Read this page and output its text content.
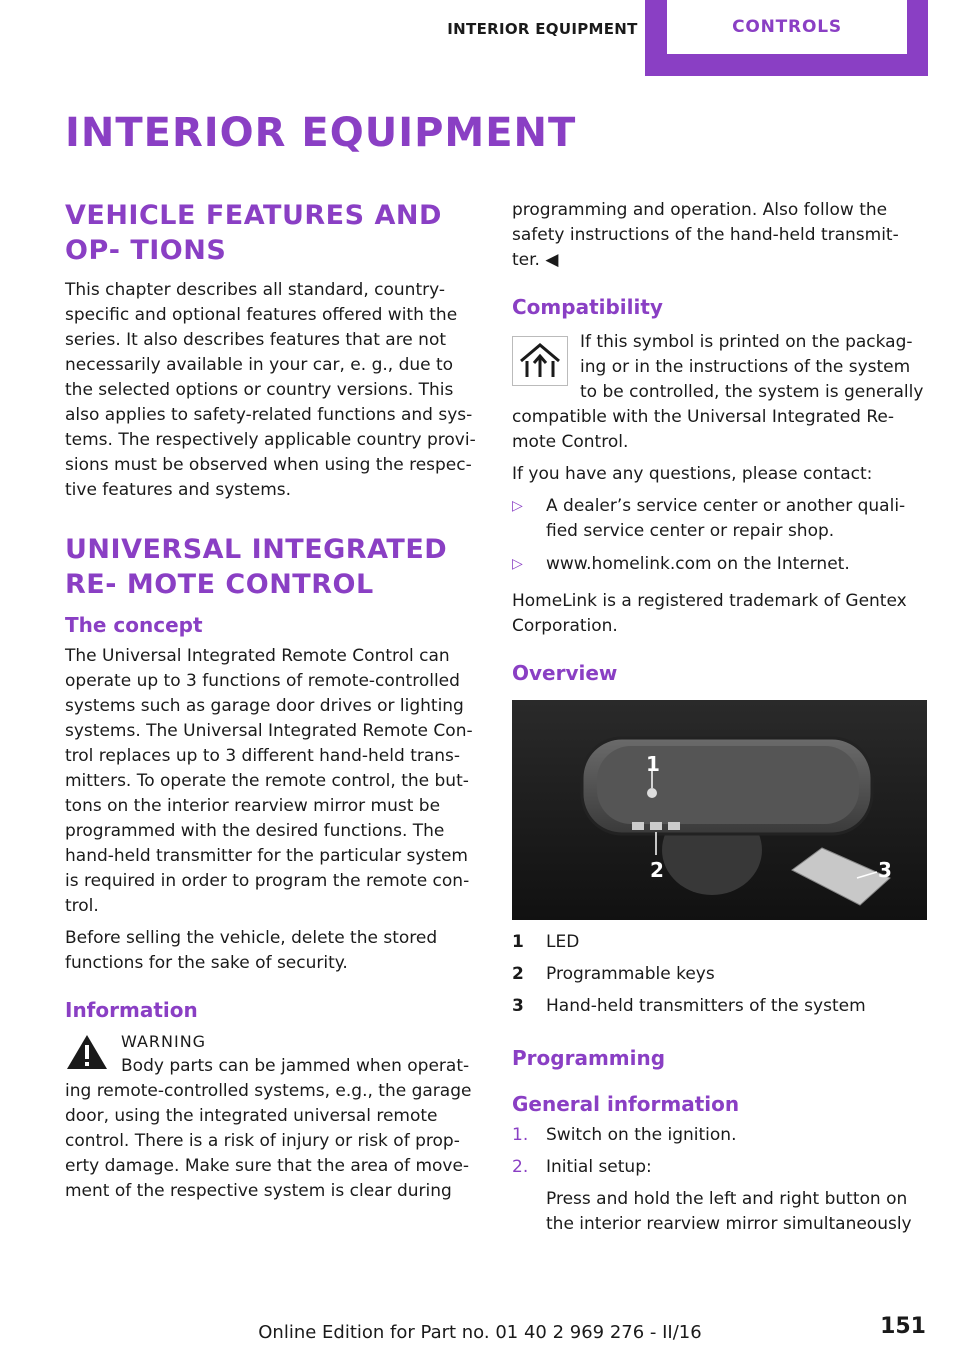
INTERIOR EQUIPMENT	CONTROLS
INTERIOR EQUIPMENT
VEHICLE FEATURES AND OP‐ TIONS

This chapter describes all standard, country-specific and optional features offered with the series. It also describes features that are not necessarily available in your car, e. g., due to the selected options or country versions. This also applies to safety-related functions and sys‐ tems. The respectively applicable country provi‐ sions must be observed when using the respec‐ tive features and systems.

UNIVERSAL INTEGRATED RE‐ MOTE CONTROL
The concept

The Universal Integrated Remote Control can operate up to 3 functions of remote-controlled systems such as garage door drives or lighting systems. The Universal Integrated Remote Con‐ trol replaces up to 3 different hand-held trans‐ mitters. To operate the remote control, the but‐ tons on the interior rearview mirror must be programmed with the desired functions. The hand-held transmitter for the particular system is required in order to program the remote con‐ trol.

Before selling the vehicle, delete the stored functions for the sake of security.

Information
WARNING
Body parts can be jammed when operat‐ ing remote-controlled systems, e.g., the garage door, using the integrated universal remote control. There is a risk of injury or risk of prop‐ erty damage. Make sure that the area of move‐ ment of the respective system is clear during

programming and operation. Also follow the safety instructions of the hand-held transmit‐ ter. ◀

Compatibility

If this symbol is printed on the packag‐ ing or in the instructions of the system to be controlled, the system is generally compatible with the Universal Integrated Re‐ mote Control.

If you have any questions, please contact:

▷ A dealer’s service center or another quali‐ fied service center or repair shop.
▷ www.homelink.com on the Internet.

HomeLink is a registered trademark of Gentex Corporation.

Overview
1
2	3
1	LED
2	Programmable keys
3	Hand-held transmitters of the system
Programming
General information
1.	Switch on the ignition.
2.	Initial setup:
Press and hold the left and right button on the interior rearview mirror simultaneously
Online Edition for Part no. 01 40 2 969 276 - II/16	151
